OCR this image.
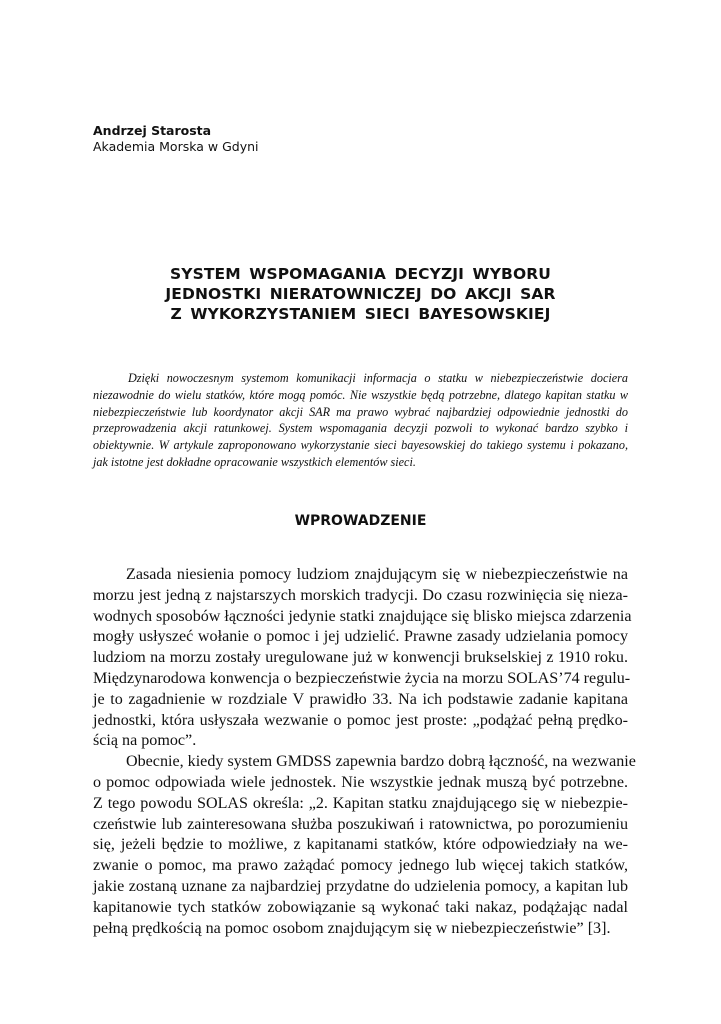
Andrzej Starosta
Akademia Morska w Gdyni
SYSTEM WSPOMAGANIA DECYZJI WYBORU
JEDNOSTKI NIERATOWNICZEJ DO AKCJI SAR
Z WYKORZYSTANIEM SIECI BAYESOWSKIEJ
Dzięki nowoczesnym systemom komunikacji informacja o statku w niebezpieczeństwie dociera niezawodnie do wielu statków, które mogą pomóc. Nie wszystkie będą potrzebne, dlatego kapitan statku w niebezpieczeństwie lub koordynator akcji SAR ma prawo wybrać najbardziej odpowiednie jednostki do przeprowadzenia akcji ratunkowej. System wspomagania decyzji pozwoli to wykonać bardzo szybko i obiektywnie. W artykule zaproponowano wykorzystanie sieci bayesowskiej do takiego systemu i pokazano, jak istotne jest dokładne opracowanie wszystkich elementów sieci.
WPROWADZENIE
Zasada niesienia pomocy ludziom znajdującym się w niebezpieczeństwie na
morzu jest jedną z najstarszych morskich tradycji. Do czasu rozwinięcia się nieza-
wodnych sposobów łączności jedynie statki znajdujące się blisko miejsca zdarzenia
mogły usłyszeć wołanie o pomoc i jej udzielić. Prawne zasady udzielania pomocy
ludziom na morzu zostały uregulowane już w konwencji brukselskiej z 1910 roku.
Międzynarodowa konwencja o bezpieczeństwie życia na morzu SOLAS’74 regulu-
je to zagadnienie w rozdziale V prawidło 33. Na ich podstawie zadanie kapitana
jednostki, która usłyszała wezwanie o pomoc jest proste: „podążać pełną prędko-
ścią na pomoc”.
Obecnie, kiedy system GMDSS zapewnia bardzo dobrą łączność, na wezwanie
o pomoc odpowiada wiele jednostek. Nie wszystkie jednak muszą być potrzebne.
Z tego powodu SOLAS określa: „2. Kapitan statku znajdującego się w niebezpie-
czeństwie lub zainteresowana służba poszukiwań i ratownictwa, po porozumieniu
się, jeżeli będzie to możliwe, z kapitanami statków, które odpowiedziały na we-
zwanie o pomoc, ma prawo zażądać pomocy jednego lub więcej takich statków,
jakie zostaną uznane za najbardziej przydatne do udzielenia pomocy, a kapitan lub
kapitanowie tych statków zobowiązanie są wykonać taki nakaz, podążając nadal
pełną prędkością na pomoc osobom znajdującym się w niebezpieczeństwie” [3].
